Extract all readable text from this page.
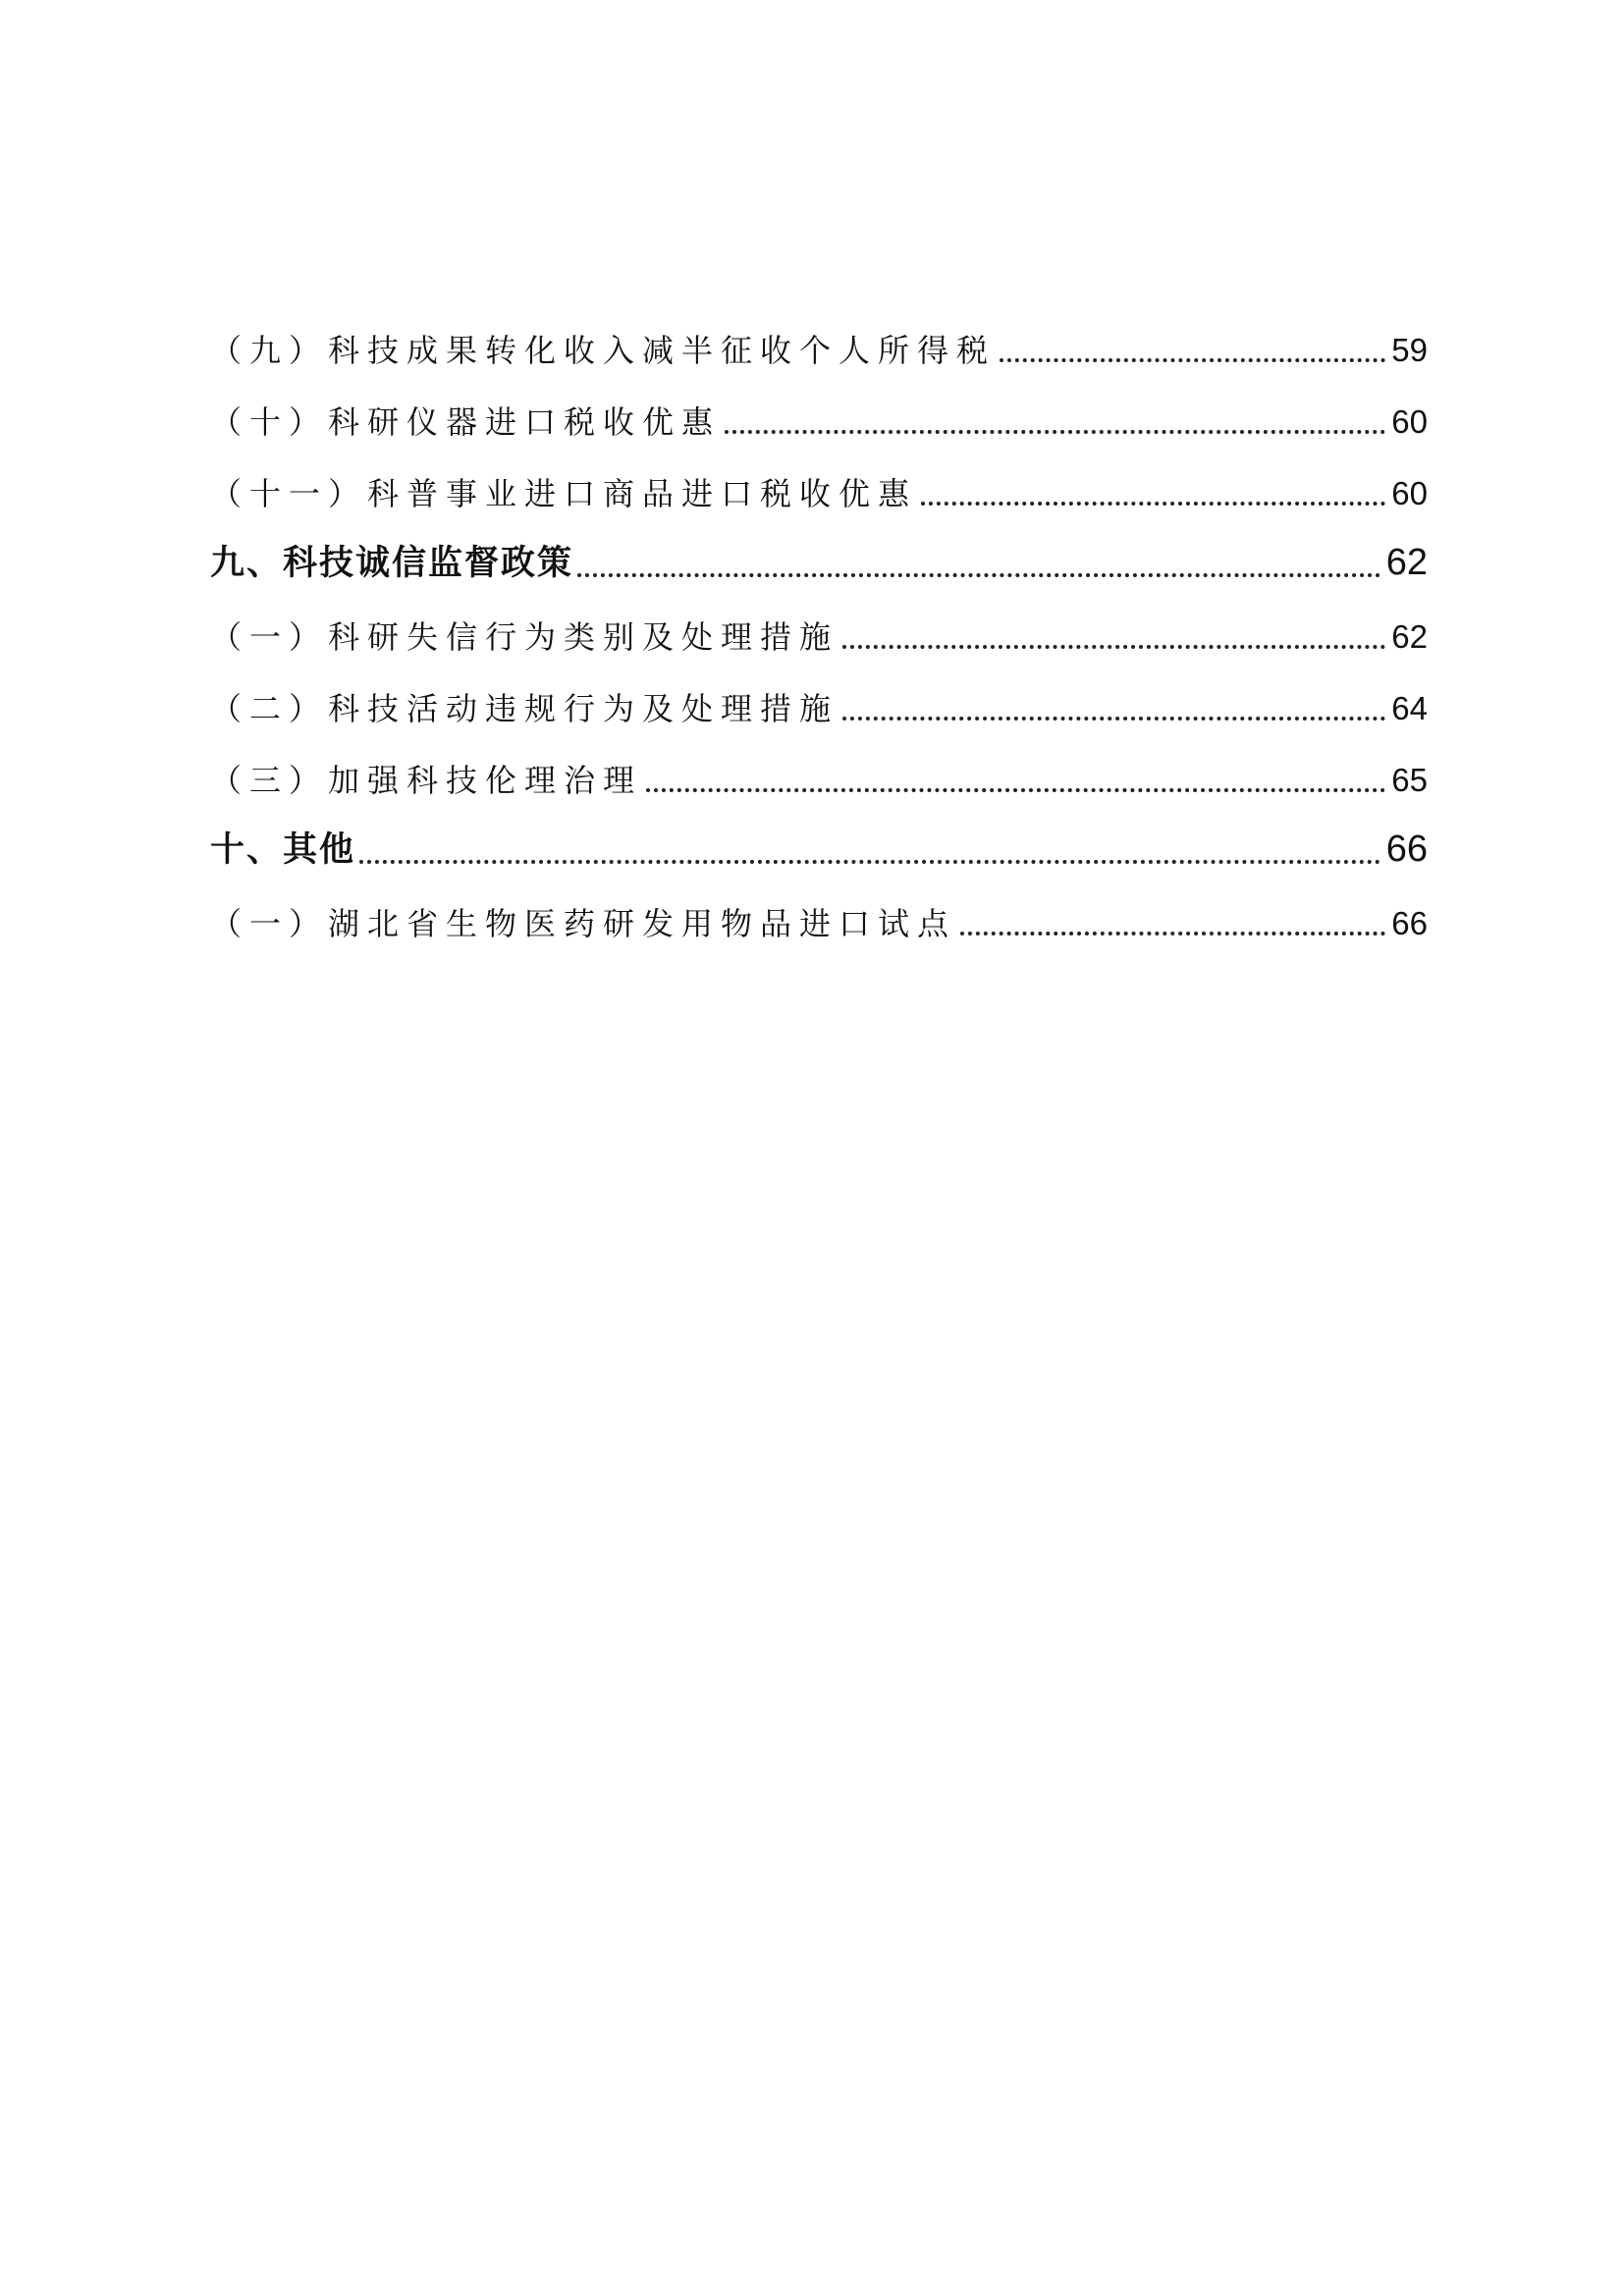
（九）科技成果转化收入减半征收个人所得税	59
（十）科研仪器进口税收优惠	60
（十一）科普事业进口商品进口税收优惠	60
九、科技诚信监督政策	62
（一）科研失信行为类别及处理措施	62
（二）科技活动违规行为及处理措施	64
（三）加强科技伦理治理	65
十、其他	66
（一）湖北省生物医药研发用物品进口试点	66
